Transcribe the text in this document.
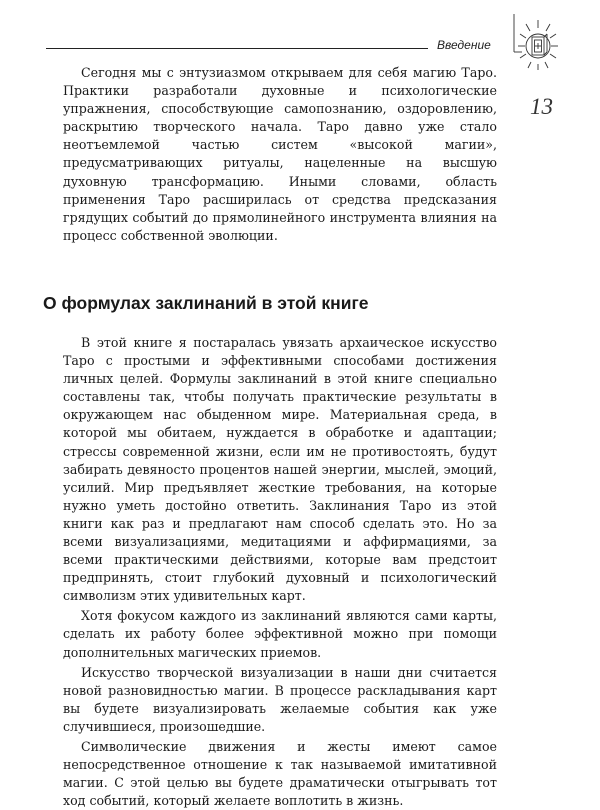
Введение
13

Сегодня мы с энтузиазмом открываем для себя магию Таро. Практики разработали духовные и психологические упражнения, способствующие самопознанию, оздоровлению, раскрытию творческого начала. Таро давно уже стало неотъемлемой частью систем «высокой магии», предусматривающих ритуалы, нацеленные на высшую духовную трансформацию. Иными словами, область применения Таро расширилась от средства предсказания грядущих событий до прямолинейного инструмента влияния на процесс собственной эволюции.

О формулах заклинаний в этой книге

В этой книге я постаралась увязать архаическое искусство Таро с простыми и эффективными способами достижения личных целей. Формулы заклинаний в этой книге специально составлены так, чтобы получать практические результаты в окружающем нас обыденном мире. Материальная среда, в которой мы обитаем, нуждается в обработке и адаптации; стрессы современной жизни, если им не противостоять, будут забирать девяносто процентов нашей энергии, мыслей, эмоций, усилий. Мир предъявляет жесткие требования, на которые нужно уметь достойно ответить. Заклинания Таро из этой книги как раз и предлагают нам способ сделать это. Но за всеми визуализациями, медитациями и аффирмациями, за всеми практическими действиями, которые вам предстоит предпринять, стоит глубокий духовный и психологический символизм этих удивительных карт.

Хотя фокусом каждого из заклинаний являются сами карты, сделать их работу более эффективной можно при помощи дополнительных магических приемов.

Искусство творческой визуализации в наши дни считается новой разновидностью магии. В процессе раскладывания карт вы будете визуализировать желаемые события как уже случившиеся, произошедшие.

Символические движения и жесты имеют самое непосредственное отношение к так называемой имитативной магии. С этой целью вы будете драматически отыгрывать тот ход событий, который желаете воплотить в жизнь.
